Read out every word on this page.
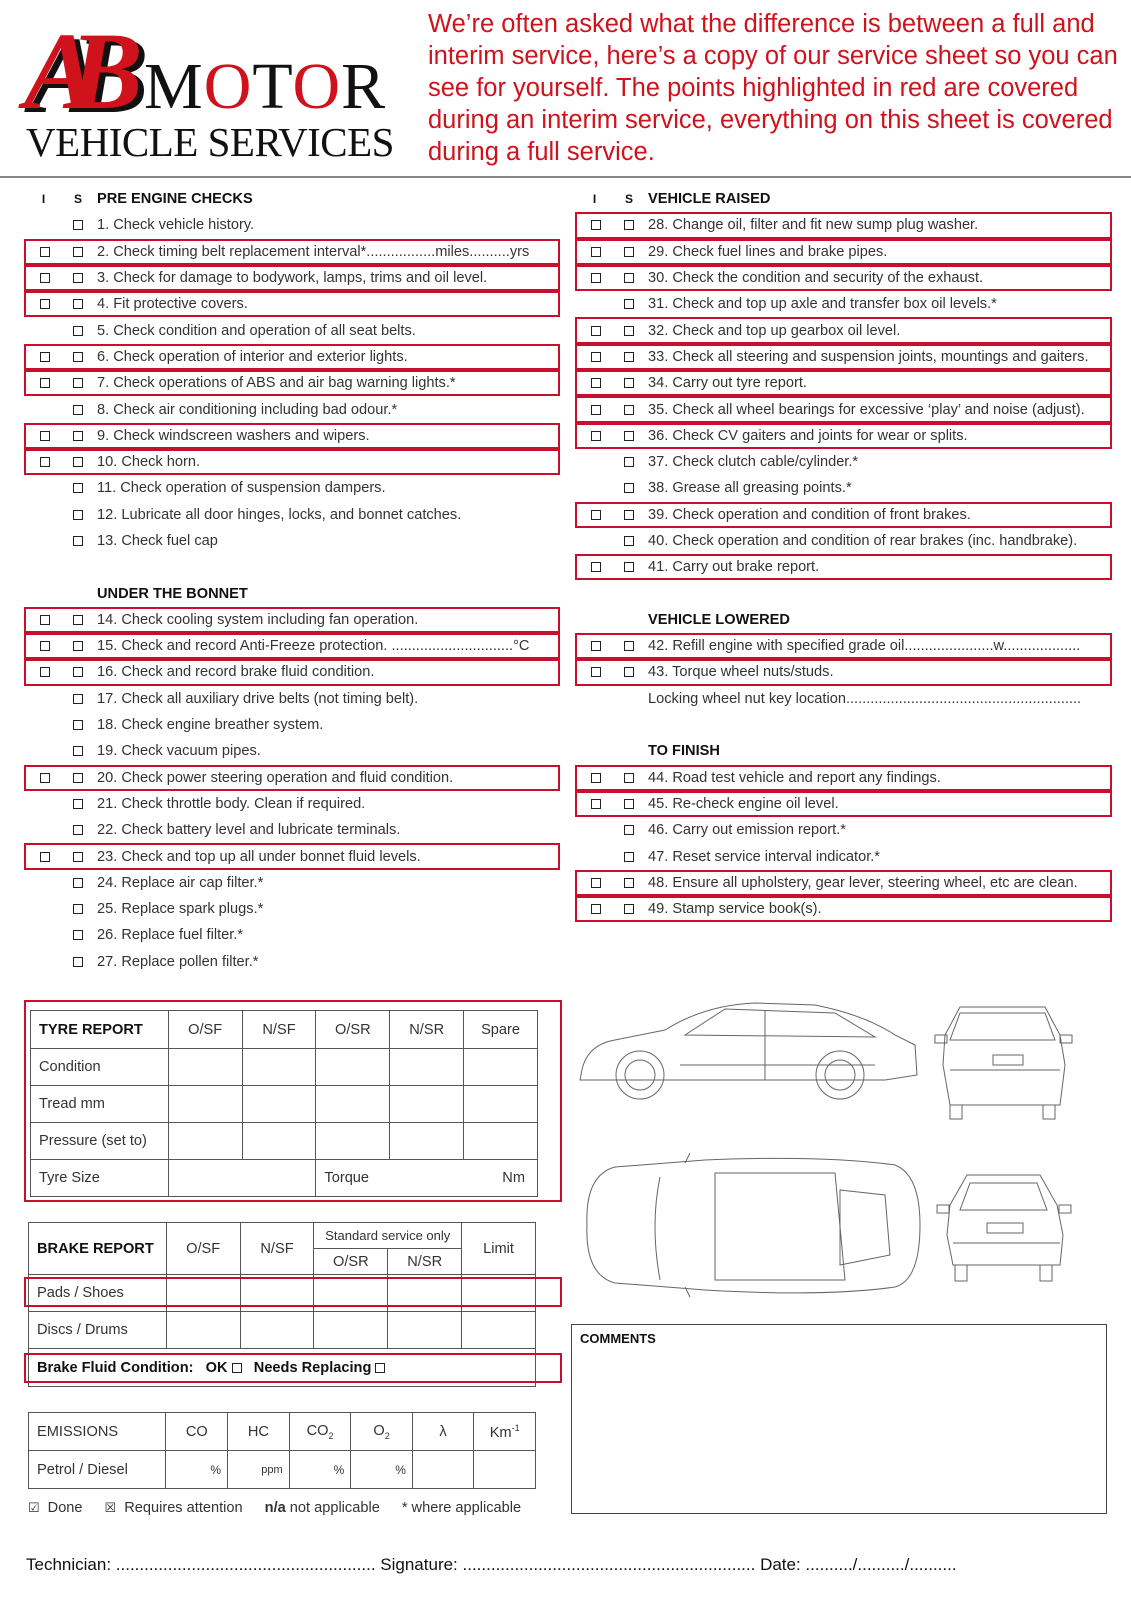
AB MOTOR
VEHICLE SERVICES
We’re often asked what the difference is between a full and interim service, here’s a copy of our service sheet so you can see for yourself. The points highlighted in red are covered during an interim service, everything on this sheet is covered during a full service.
I	S	PRE ENGINE CHECKS
1. Check vehicle history.
2. Check timing belt replacement interval*.................miles..........yrs
3. Check for damage to bodywork, lamps, trims and oil level.
4. Fit protective covers.
5. Check condition and operation of all seat belts.
6. Check operation of interior and exterior lights.
7. Check operations of ABS and air bag warning lights.*
8. Check air conditioning including bad odour.*
9. Check windscreen washers and wipers.
10. Check horn.
11. Check operation of suspension dampers.
12. Lubricate all door hinges, locks, and bonnet catches.
13. Check fuel cap
UNDER THE BONNET
14. Check cooling system including fan operation.
15. Check and record Anti-Freeze protection. ..............................°C
16. Check and record brake fluid condition.
17. Check all auxiliary drive belts (not timing belt).
18. Check engine breather system.
19. Check vacuum pipes.
20. Check power steering operation and fluid condition.
21. Check throttle body. Clean if required.
22. Check battery level and lubricate terminals.
23. Check and top up all under bonnet fluid levels.
24. Replace air cap filter.*
25. Replace spark plugs.*
26. Replace fuel filter.*
27. Replace pollen filter.*
I	S	VEHICLE RAISED
28. Change oil, filter and fit new sump plug washer.
29. Check fuel lines and brake pipes.
30. Check the condition and security of the exhaust.
31. Check and top up axle and transfer box oil levels.*
32. Check and top up gearbox oil level.
33. Check all steering and suspension joints, mountings and gaiters.
34. Carry out tyre report.
35. Check all wheel bearings for excessive ‘play’ and noise (adjust).
36. Check CV gaiters and joints for wear or splits.
37. Check clutch cable/cylinder.*
38. Grease all greasing points.*
39. Check operation and condition of front brakes.
40. Check operation and condition of rear brakes (inc. handbrake).
41. Carry out brake report.
VEHICLE LOWERED
42. Refill engine with specified grade oil......................w...................
43. Torque wheel nuts/studs.
Locking wheel nut key location..........................................................
TO FINISH
44. Road test vehicle and report any findings.
45. Re-check engine oil level.
46. Carry out emission report.*
47. Reset service interval indicator.*
48. Ensure all upholstery, gear lever, steering wheel, etc are clean.
49. Stamp service book(s).
TYRE REPORT	O/SF	N/SF	O/SR	N/SR	Spare
Condition					
Tread mm					
Pressure (set to)					
Tyre Size			Torque Nm		
BRAKE REPORT	O/SF	N/SF	Standard service only		Limit
			O/SR	N/SR	
Pads / Shoes					
Discs / Drums					
Brake Fluid Condition: OK Needs Replacing					
EMISSIONS	CO	HC	$CO_2$	$O_2$	λ	$Km^{-1}$
Petrol / Diesel	%	ppm	%	%		
☑ Done ☒ Requires attention n/a not applicable * where applicable
COMMENTS
Technician: ....................................................... Signature: .............................................................. Date: ........../........../..........
